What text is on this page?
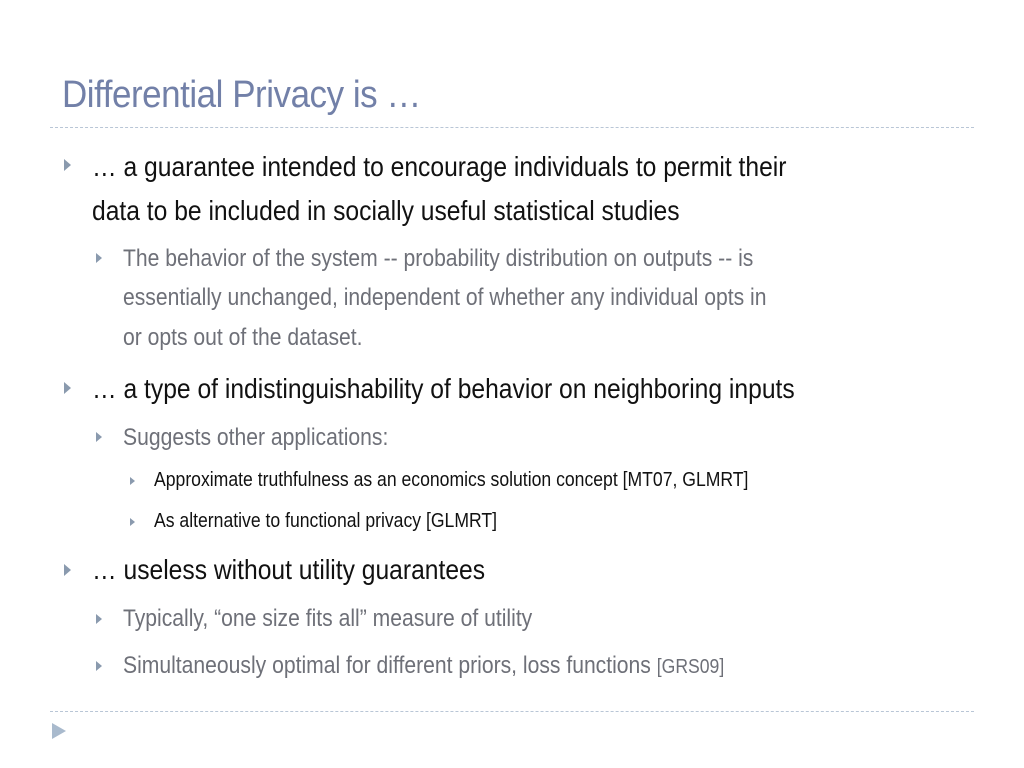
Differential Privacy is …
… a guarantee intended to encourage individuals to permit their
data to be included in socially useful statistical studies
The behavior of the system -- probability distribution on outputs -- is
essentially unchanged, independent of whether any individual opts in
or opts out of the dataset.
… a type of indistinguishability of behavior on neighboring inputs
Suggests other applications:
Approximate truthfulness as an economics solution concept [MT07, GLMRT]
As alternative to functional privacy [GLMRT]
… useless without utility guarantees
Typically, “one size fits all” measure of utility
Simultaneously optimal for different priors, loss functions [GRS09]
